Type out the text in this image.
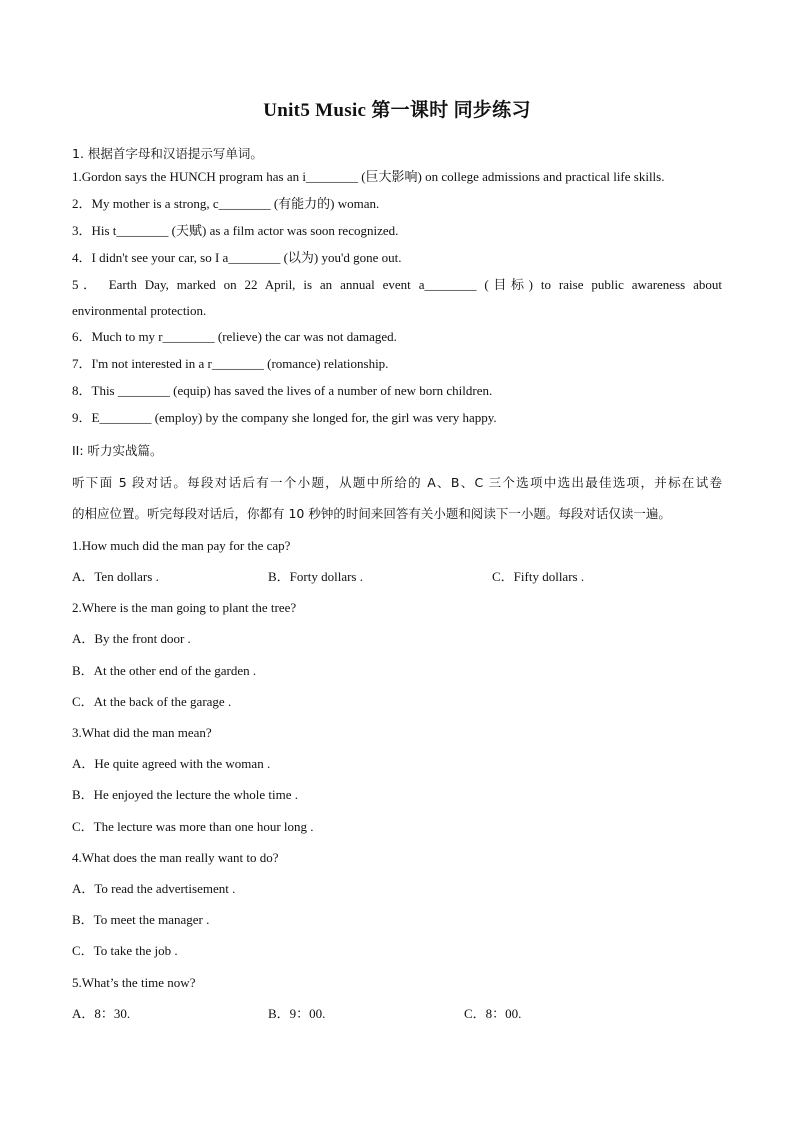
Unit5 Music 第一课时 同步练习
1. 根据首字母和汉语提示写单词。
1.Gordon says the HUNCH program has an i________ (巨大影响) on college admissions and practical life skills.
2．My mother is a strong, c________ (有能力的) woman.
3．His t________ (天赋) as a film actor was soon recognized.
4．I didn't see your car, so I a________ (以为) you'd gone out.
5． Earth Day, marked on 22 April, is an annual event a________ (目标) to raise public awareness about
environmental protection.
6．Much to my r________ (relieve) the car was not damaged.
7．I'm not interested in a r________ (romance) relationship.
8．This ________ (equip) has saved the lives of a number of new born children.
9．E________ (employ) by the company she longed for, the girl was very happy.
II: 听力实战篇。
听下面 5 段对话。每段对话后有一个小题，从题中所给的 A、B、C 三个选项中选出最佳选项，并标在试卷
的相应位置。听完每段对话后，你都有 10 秒钟的时间来回答有关小题和阅读下一小题。每段对话仅读一遍。
1.How much did the man pay for the cap?
A．Ten dollars .	B．Forty dollars .	C．Fifty dollars .
2.Where is the man going to plant the tree?
A．By the front door .
B．At the other end of the garden .
C．At the back of the garage .
3.What did the man mean?
A．He quite agreed with the woman .
B．He enjoyed the lecture the whole time .
C．The lecture was more than one hour long .
4.What does the man really want to do?
A．To read the advertisement .
B．To meet the manager .
C．To take the job .
5.What’s the time now?
A．8：30.	B．9：00.	C．8：00.
